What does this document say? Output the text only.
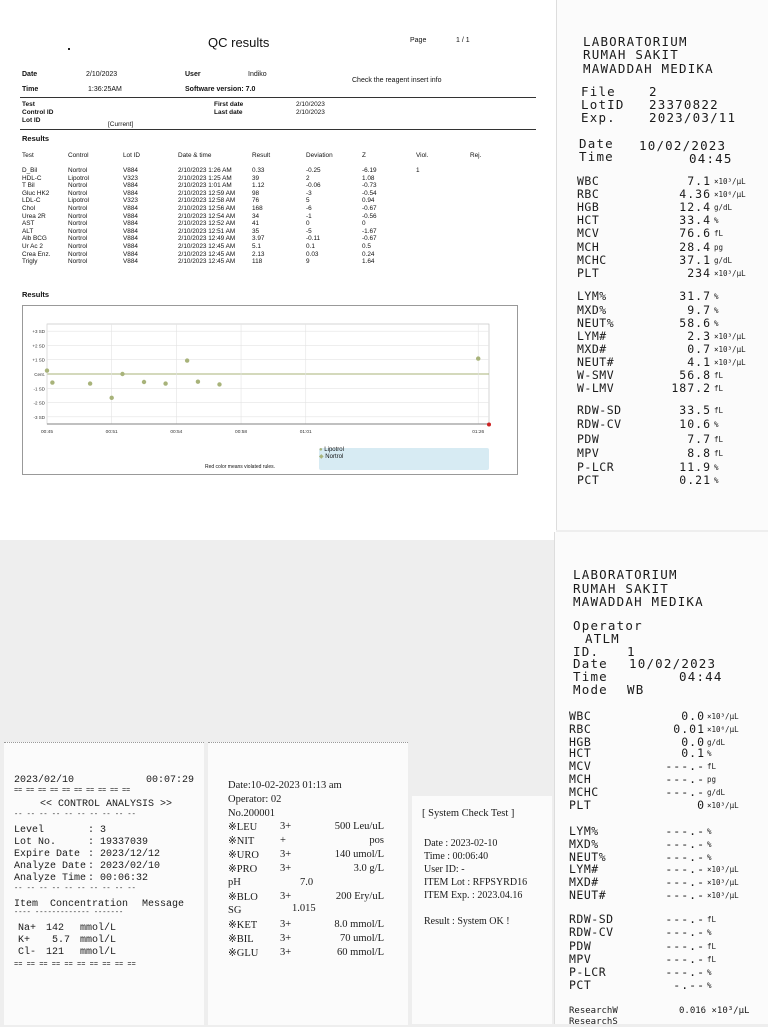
QC results	Page	1 / 1
Date	2/10/2023	User	Indiko
Check the reagent insert info
Time	1:36:25AM	Software version: 7.0
Test
Control ID
Lot ID
[Current]
First date	2/10/2023
Last date	2/10/2023
Results
Test	Control	Lot ID	Date & time	Result	Deviation	Z	Viol.	Rej.
D_Bil	Nortrol	V884	2/10/2023 1:26 AM	0.33	-0.25	-6.19	1
HDL-C	Lipotrol	V323	2/10/2023 1:25 AM	39	2	1.08
T Bil	Nortrol	V884	2/10/2023 1:01 AM	1.12	-0.06	-0.73
Gluc HK2	Nortrol	V884	2/10/2023 12:59 AM	98	-3	-0.54
LDL-C	Lipotrol	V323	2/10/2023 12:58 AM	76	5	0.94
Chol	Nortrol	V884	2/10/2023 12:56 AM	168	-6	-0.67
Urea 2R	Nortrol	V884	2/10/2023 12:54 AM	34	-1	-0.56
AST	Nortrol	V884	2/10/2023 12:52 AM	41	0	0
ALT	Nortrol	V884	2/10/2023 12:51 AM	35	-5	-1.67
Alb BCG	Nortrol	V884	2/10/2023 12:49 AM	3.97	-0.11	-0.67
Ur Ac 2	Nortrol	V884	2/10/2023 12:45 AM	5.1	0.1	0.5
Crea Enz.	Nortrol	V884	2/10/2023 12:45 AM	2.13	0.03	0.24
Trigly	Nortrol	V884	2/10/2023 12:45 AM	118	9	1.64
Results
+3 SD
+2 SD
+1 SD
Cent.
-1 SD
-2 SD
-3 SD
00:45	00:51	00:54	00:58	01:01	01:26
● Lipotrol
◆ Nortrol
Red color means violated rules.
LABORATORIUM
RUMAH SAKIT
MAWADDAH MEDIKA
File	2
LotID 23370822
Exp.	2023/03/11
Date 10/02/2023
Time	04:45
WBC	7.1 ×10³/µL
RBC	4.36 ×10⁶/µL
HGB	12.4 g/dL
HCT	33.4 %
MCV	76.6 fL
MCH	28.4 pg
MCHC	37.1 g/dL
PLT	234 ×10³/µL
LYM%	31.7 %
MXD%	9.7 %
NEUT%	58.6 %
LYM#	2.3 ×10³/µL
MXD#	0.7 ×10³/µL
NEUT#	4.1 ×10³/µL
W-SMV	56.8 fL
W-LMV	187.2 fL
RDW-SD	33.5 fL
RDW-CV	10.6 %
PDW	7.7 fL
MPV	8.8 fL
P-LCR	11.9 %
PCT	0.21 %
LABORATORIUM
RUMAH SAKIT
MAWADDAH MEDIKA
Operator
ATLM
ID. 1
Date 10/02/2023
Time	04:44
Mode WB
WBC	0.0 ×10³/µL
RBC	0.01 ×10⁶/µL
HGB	0.0 g/dL
HCT	0.1 %
MCV	---.- fL
MCH	---.- pg
MCHC	---.- g/dL
PLT	0 ×10³/µL
LYM%	---.- %
MXD%	---.- %
NEUT%	---.- %
LYM#	---.- ×10³/µL
MXD#	---.- ×10³/µL
NEUT#	---.- ×10³/µL
RDW-SD	---.- fL
RDW-CV	---.- %
PDW	---.- fL
MPV	---.- fL
P-LCR	---.- %
PCT	-.-- %
ResearchW	0.016 ×10³/µL
ResearchS
2023/02/10	00:07:29
== == == == == == == == == ==
<< CONTROL ANALYSIS >>
-- -- -- -- -- -- -- -- -- --
Level	: 3
Lot No.	: 19337039
Expire Date : 2023/12/12
Analyze Date : 2023/02/10
Analyze Time : 00:06:32
-- -- -- -- -- -- -- -- -- --
Item Concentration Message
---- ------------- -------
Na+ 142 mmol/L
K+ 5.7 mmol/L
Cl- 121 mmol/L
== == == == == == == == == ==
Date:10-02-2023 01:13 am
Operator: 02
No.200001
※LEU 3+	500 Leu/uL
※NIT +	pos
※URO 3+	140 umol/L
※PRO 3+	3.0 g/L
pH	7.0
※BLO 3+	200 Ery/uL
SG	1.015
※KET 3+	8.0 mmol/L
※BIL	3+	70 umol/L
※GLU 3+	60 mmol/L
[ System Check Test ]
Date : 2023-02-10
Time : 00:06:40
User ID: -
ITEM Lot : RFPSYRD16
ITEM Exp. : 2023.04.16
Result : System OK !
